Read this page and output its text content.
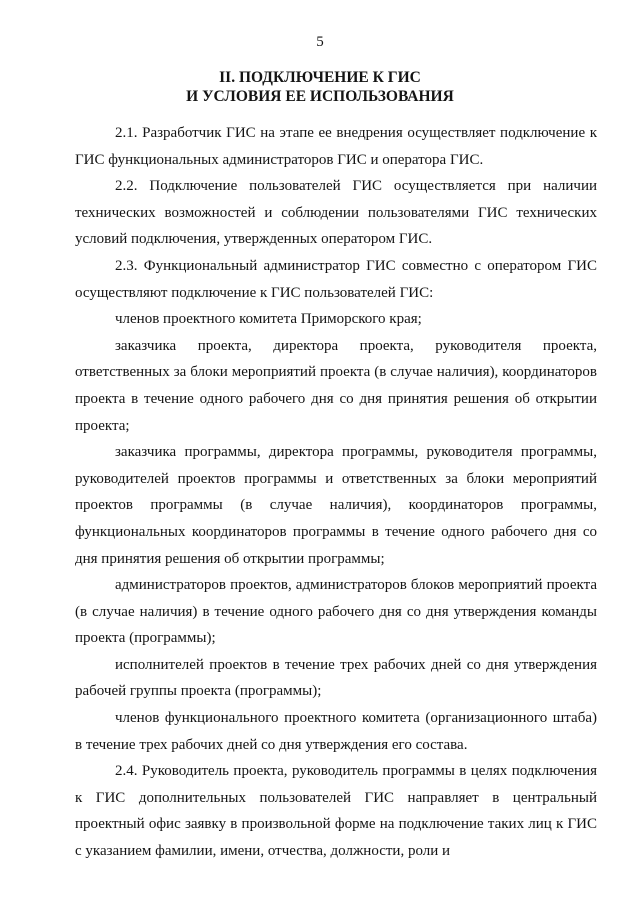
5
II. ПОДКЛЮЧЕНИЕ К ГИС
И УСЛОВИЯ ЕЕ ИСПОЛЬЗОВАНИЯ

2.1. Разработчик ГИС на этапе ее внедрения осуществляет подключение к ГИС функциональных администраторов ГИС и оператора ГИС.

2.2. Подключение пользователей ГИС осуществляется при наличии технических возможностей и соблюдении пользователями ГИС технических условий подключения, утвержденных оператором ГИС.

2.3. Функциональный администратор ГИС совместно с оператором ГИС осуществляют подключение к ГИС пользователей ГИС:

членов проектного комитета Приморского края;

заказчика проекта, директора проекта, руководителя проекта, ответственных за блоки мероприятий проекта (в случае наличия), координаторов проекта в течение одного рабочего дня со дня принятия решения об открытии проекта;

заказчика программы, директора программы, руководителя программы, руководителей проектов программы и ответственных за блоки мероприятий проектов программы (в случае наличия), координаторов программы, функциональных координаторов программы в течение одного рабочего дня со дня принятия решения об открытии программы;

администраторов проектов, администраторов блоков мероприятий проекта (в случае наличия) в течение одного рабочего дня со дня утверждения команды проекта (программы);

исполнителей проектов в течение трех рабочих дней со дня утверждения рабочей группы проекта (программы);

членов функционального проектного комитета (организационного штаба) в течение трех рабочих дней со дня утверждения его состава.

2.4. Руководитель проекта, руководитель программы в целях подключения к ГИС дополнительных пользователей ГИС направляет в центральный проектный офис заявку в произвольной форме на подключение таких лиц к ГИС с указанием фамилии, имени, отчества, должности, роли и
